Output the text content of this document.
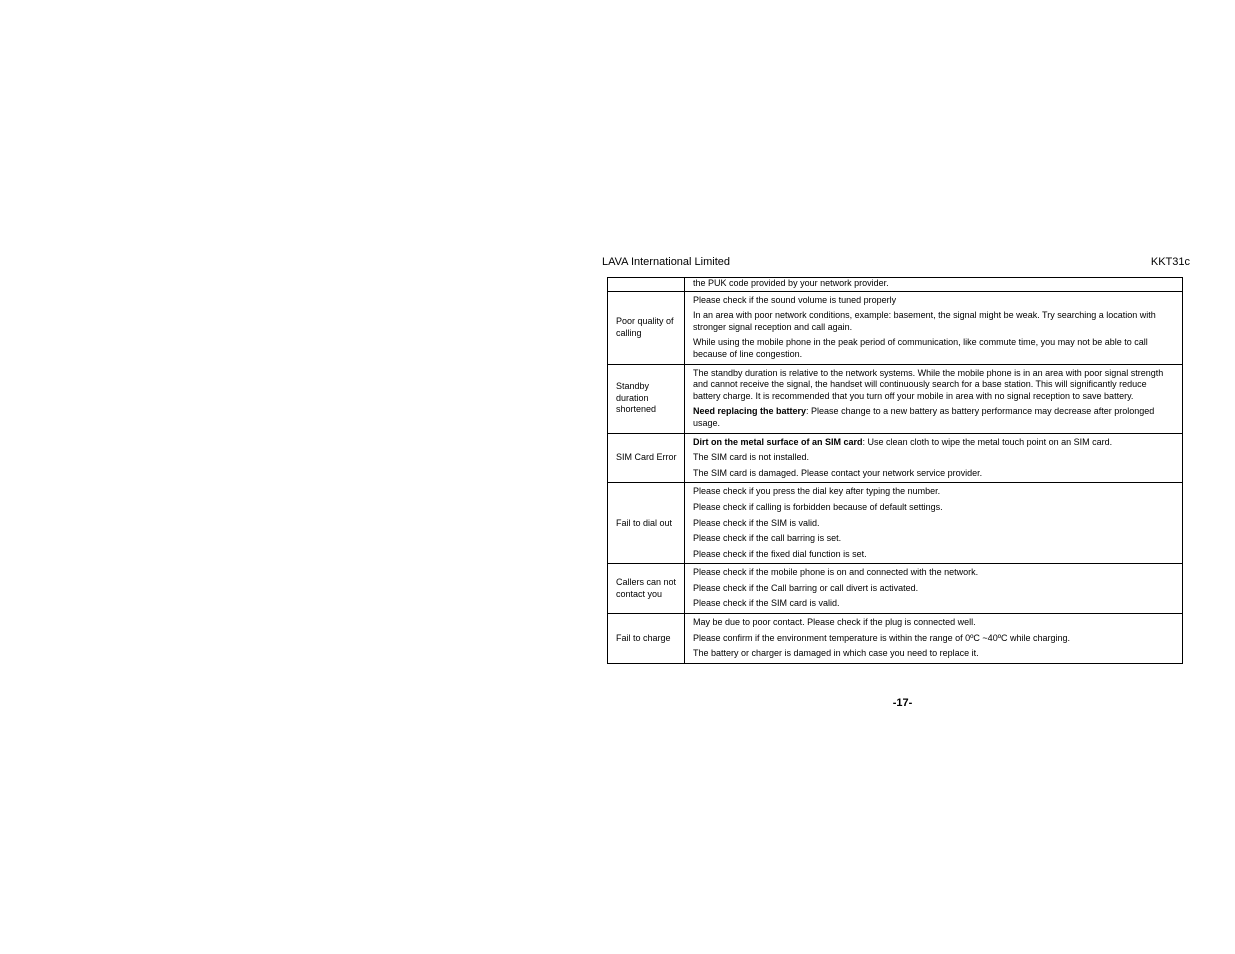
LAVA International Limited	KKT31c

	the PUK code provided by your network provider.

Poor quality of calling	Please check if the sound volume is tuned properly

In an area with poor network conditions, example: basement, the signal might be weak. Try searching a location with stronger signal reception and call again.

While using the mobile phone in the peak period of communication, like commute time, you may not be able to call because of line congestion.

Standby duration shortened	The standby duration is relative to the network systems. While the mobile phone is in an area with poor signal strength and cannot receive the signal, the handset will continuously search for a base station. This will significantly reduce battery charge. It is recommended that you turn off your mobile in area with no signal reception to save battery.

Need replacing the battery: Please change to a new battery as battery performance may decrease after prolonged usage.

SIM Card Error	Dirt on the metal surface of an SIM card: Use clean cloth to wipe the metal touch point on an SIM card.

The SIM card is not installed.

The SIM card is damaged. Please contact your network service provider.

Fail to dial out	Please check if you press the dial key after typing the number.

Please check if calling is forbidden because of default settings.

Please check if the SIM is valid.

Please check if the call barring is set.

Please check if the fixed dial function is set.

Callers can not contact you	Please check if the mobile phone is on and connected with the network.

Please check if the Call barring or call divert is activated.

Please check if the SIM card is valid.

Fail to charge	May be due to poor contact. Please check if the plug is connected well.

Please confirm if the environment temperature is within the range of 0ºC ~40ºC while charging.

The battery or charger is damaged in which case you need to replace it.

-17-
